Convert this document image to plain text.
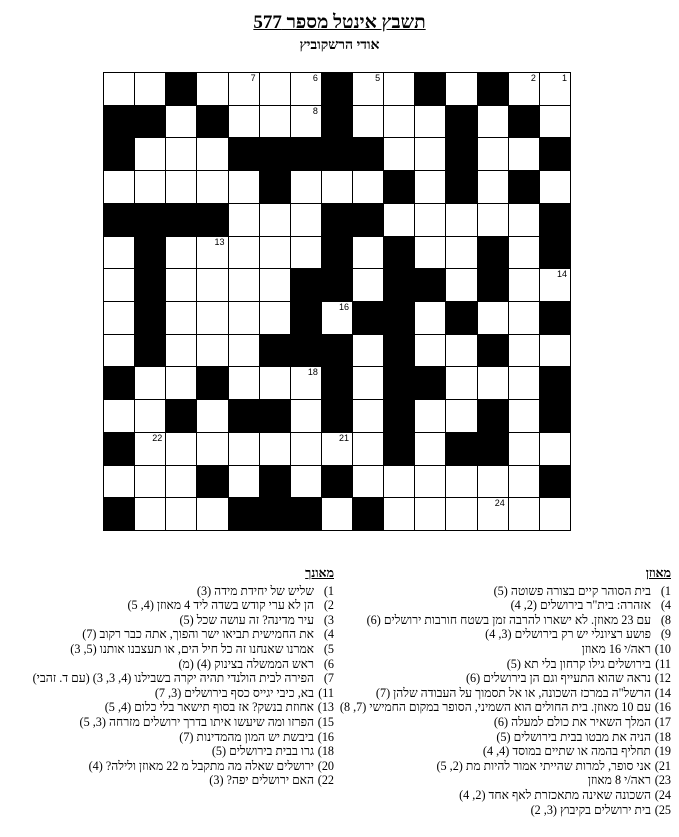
תשבץ אינטל מספר 577
אודי הרשקוביץ
1
2
3
4
5
6
7
8
9
10
11
12
13
14
15
16
17
18
19
20
21
22
23
24
25
מאוזן
1)בית הסוהר קיים בצורה פשוטה (5)
4)אזהרה: בית"ר בירושלים (2, 4)
8)עם 23 מאוזן. לא ישארו להרבה זמן בשטח חורבות ירושלים (6)
9)פושע רציונלי יש רק בירושלים (3, 4)
10)ראה/י 16 מאוזן
11)בירושלים גילו קרחון בלי תא (5)
12)נראה שהוא התעייף וגם הן בירושלים (6)
14)הרשל"ה במרכז השכונה, או אל תסמוך על העבודה שלהן (7)
16)עם 10 מאוזן. בית החולים הוא השמיני, הסופר במקום החמישי (7, 8)
17)המלך השאיר את כולם למעלה (6)
18)הניה את מבטו בבית בירושלים (5)
19)תחליף בהמה או שתיים במוסד (4, 4)
21)אני סופר, למרות שהייתי אמור להיות מת (2, 5)
23)ראה/י 8 מאוזן
24)השכונה שאינה מתאכזרת לאף אחד (2, 4)
25)בית ירושלים בקיבוץ (3, 2)
מאונך
1)שליש של יחידת מידה (3)
2)הן לא ערי קודש בשדה ליד 4 מאוזן (4, 5)
3)עיר מדינה? זה עושה שכל (5)
4)את החמישית תביאו ישר והפוך, אתה כבר רקוב (7)
5)אמרנו שאנחנו זה כל חיל הים, או תעצבנו אותנו (5, 3)
6)ראש הממשלה בצינוק (4) (מ)
7)הפירה לבית הולנדי תהיה יקרה בשבילנו (4, 3, 3) (עם ד. זהבי)
11)בא, כיבי יגייס כסף בירושלים (3, 7)
13)אחוזת בנשק? אז בסוף תישאר בלי כלום (4, 5)
15)הפרזו ומה שיעשו איתו בדרך ירושלים מזרחה (3, 5)
16)ביבשת יש המון מהמדינות (7)
18)גרו בבית בירושלים (5)
20)ירושלים שאלה מה מתקבל מ 22 מאוזן ולילה? (4)
22)האם ירושלים יפה? (3)
